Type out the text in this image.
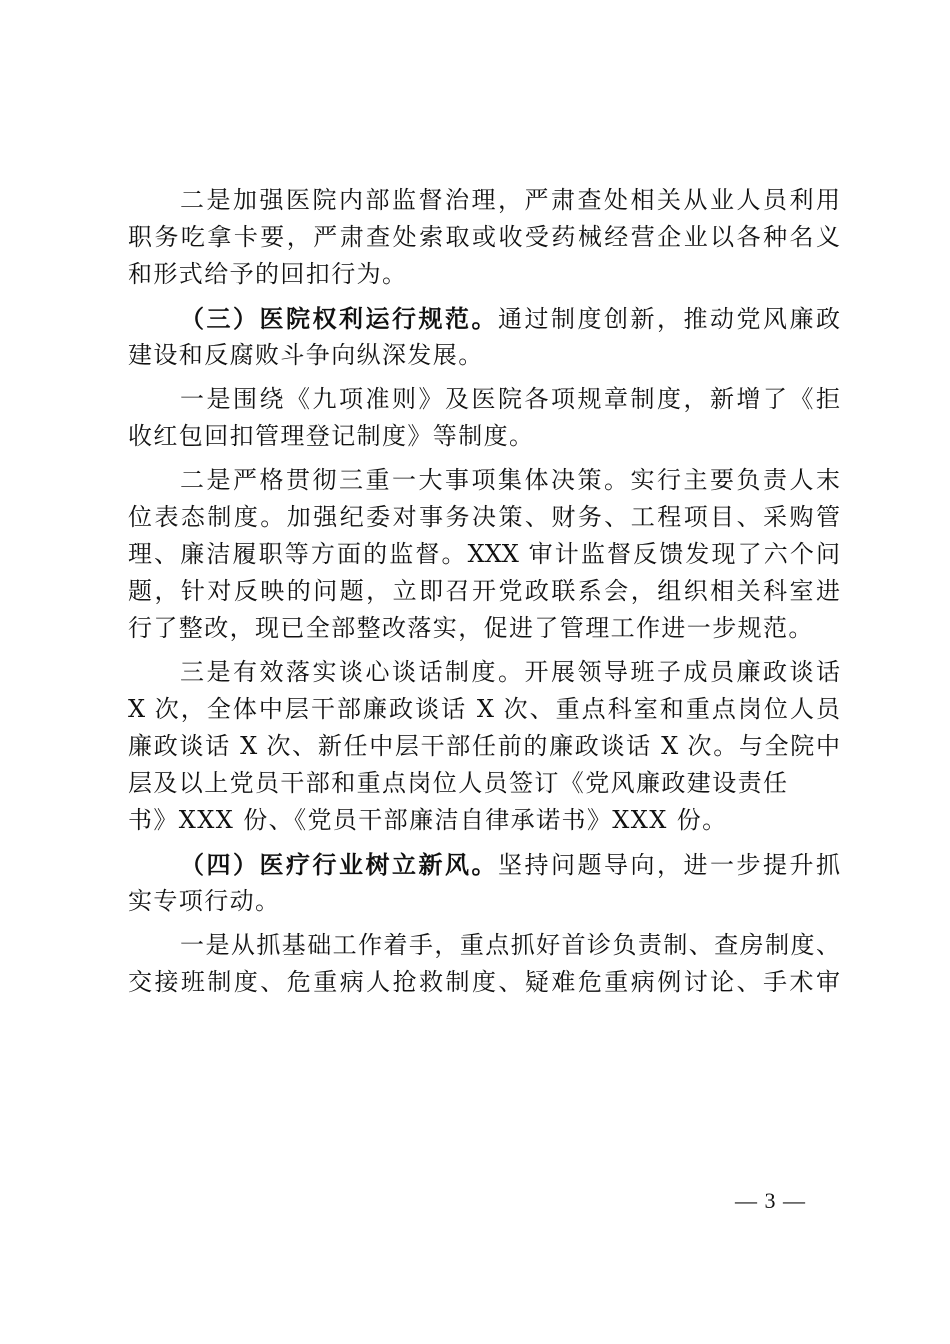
二是加强医院内部监督治理，严肃查处相关从业人员利用
职务吃拿卡要，严肃查处索取或收受药械经营企业以各种名义
和形式给予的回扣行为。
（三）医院权利运行规范。通过制度创新，推动党风廉政
建设和反腐败斗争向纵深发展。
一是围绕《九项准则》及医院各项规章制度，新增了《拒
收红包回扣管理登记制度》等制度。
二是严格贯彻三重一大事项集体决策。实行主要负责人末
位表态制度。加强纪委对事务决策、财务、工程项目、采购管
理、廉洁履职等方面的监督。XXX 审计监督反馈发现了六个问
题，针对反映的问题，立即召开党政联系会，组织相关科室进
行了整改，现已全部整改落实，促进了管理工作进一步规范。
三是有效落实谈心谈话制度。开展领导班子成员廉政谈话
X 次，全体中层干部廉政谈话 X 次、重点科室和重点岗位人员
廉政谈话 X 次、新任中层干部任前的廉政谈话 X 次。与全院中
层及以上党员干部和重点岗位人员签订《党风廉政建设责任
书》XXX 份、《党员干部廉洁自律承诺书》XXX 份。
（四）医疗行业树立新风。坚持问题导向，进一步提升抓
实专项行动。
一是从抓基础工作着手，重点抓好首诊负责制、查房制度、
交接班制度、危重病人抢救制度、疑难危重病例讨论、手术审
— 3 —
